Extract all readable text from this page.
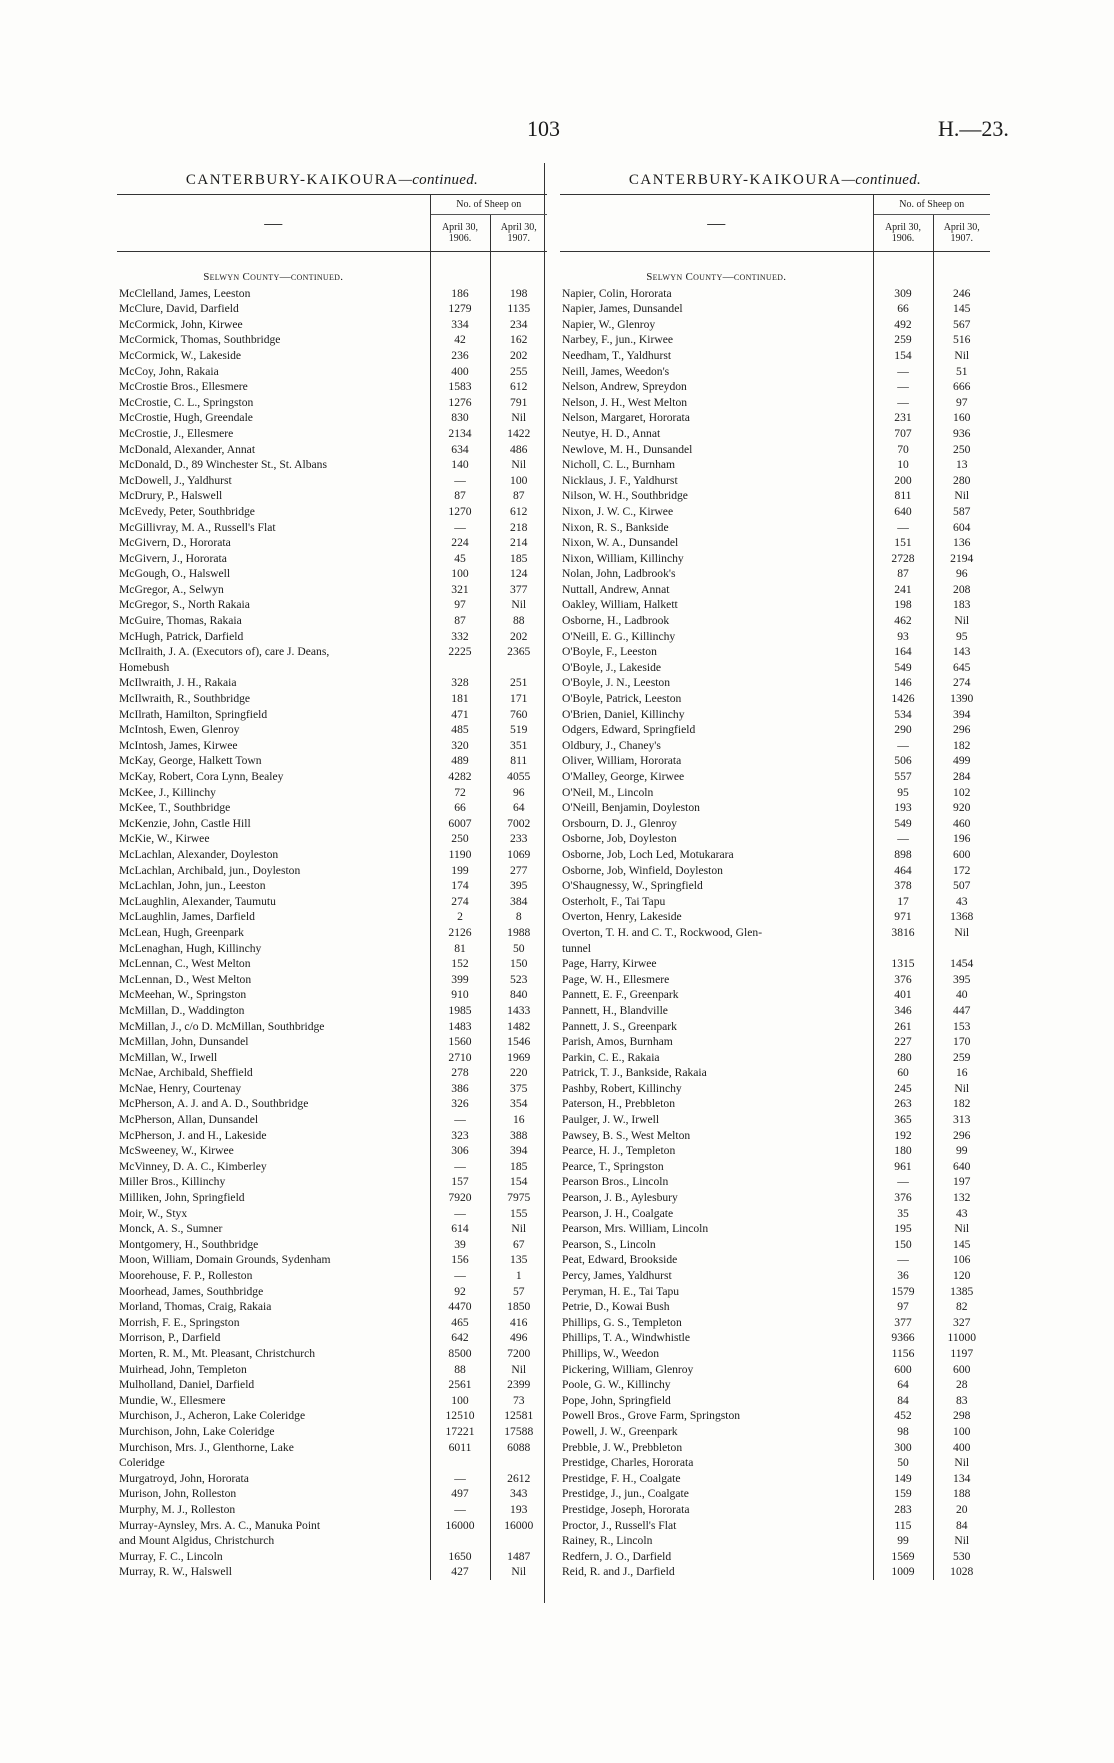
103	H.—23.
CANTERBURY-KAIKOURA—continued.
—	No. of Sheep on	
	April 30, 1906.	April 30, 1907.
Selwyn County—continued.		
McClelland, James, Leeston	186	198
McClure, David, Darfield	1279	1135
McCormick, John, Kirwee	334	234
McCormick, Thomas, Southbridge	42	162
McCormick, W., Lakeside	236	202
McCoy, John, Rakaia	400	255
McCrostie Bros., Ellesmere	1583	612
McCrostie, C. L., Springston	1276	791
McCrostie, Hugh, Greendale	830	Nil
McCrostie, J., Ellesmere	2134	1422
McDonald, Alexander, Annat	634	486
McDonald, D., 89 Winchester St., St. Albans	140	Nil
McDowell, J., Yaldhurst	—	100
McDrury, P., Halswell	87	87
McEvedy, Peter, Southbridge	1270	612
McGillivray, M. A., Russell's Flat	—	218
McGivern, D., Hororata	224	214
McGivern, J., Hororata	45	185
McGough, O., Halswell	100	124
McGregor, A., Selwyn	321	377
McGregor, S., North Rakaia	97	Nil
McGuire, Thomas, Rakaia	87	88
McHugh, Patrick, Darfield	332	202
McIlraith, J. A. (Executors of), care J. Deans,	2225	2365
Homebush		
McIlwraith, J. H., Rakaia	328	251
McIlwraith, R., Southbridge	181	171
McIlrath, Hamilton, Springfield	471	760
McIntosh, Ewen, Glenroy	485	519
McIntosh, James, Kirwee	320	351
McKay, George, Halkett Town	489	811
McKay, Robert, Cora Lynn, Bealey	4282	4055
McKee, J., Killinchy	72	96
McKee, T., Southbridge	66	64
McKenzie, John, Castle Hill	6007	7002
McKie, W., Kirwee	250	233
McLachlan, Alexander, Doyleston	1190	1069
McLachlan, Archibald, jun., Doyleston	199	277
McLachlan, John, jun., Leeston	174	395
McLaughlin, Alexander, Taumutu	274	384
McLaughlin, James, Darfield	2	8
McLean, Hugh, Greenpark	2126	1988
McLenaghan, Hugh, Killinchy	81	50
McLennan, C., West Melton	152	150
McLennan, D., West Melton	399	523
McMeehan, W., Springston	910	840
McMillan, D., Waddington	1985	1433
McMillan, J., c/o D. McMillan, Southbridge	1483	1482
McMillan, John, Dunsandel	1560	1546
McMillan, W., Irwell	2710	1969
McNae, Archibald, Sheffield	278	220
McNae, Henry, Courtenay	386	375
McPherson, A. J. and A. D., Southbridge	326	354
McPherson, Allan, Dunsandel	—	16
McPherson, J. and H., Lakeside	323	388
McSweeney, W., Kirwee	306	394
McVinney, D. A. C., Kimberley	—	185
Miller Bros., Killinchy	157	154
Milliken, John, Springfield	7920	7975
Moir, W., Styx	—	155
Monck, A. S., Sumner	614	Nil
Montgomery, H., Southbridge	39	67
Moon, William, Domain Grounds, Sydenham	156	135
Moorehouse, F. P., Rolleston	—	1
Moorhead, James, Southbridge	92	57
Morland, Thomas, Craig, Rakaia	4470	1850
Morrish, F. E., Springston	465	416
Morrison, P., Darfield	642	496
Morten, R. M., Mt. Pleasant, Christchurch	8500	7200
Muirhead, John, Templeton	88	Nil
Mulholland, Daniel, Darfield	2561	2399
Mundie, W., Ellesmere	100	73
Murchison, J., Acheron, Lake Coleridge	12510	12581
Murchison, John, Lake Coleridge	17221	17588
Murchison, Mrs. J., Glenthorne, Lake	6011	6088
Coleridge		
Murgatroyd, John, Hororata	—	2612
Murison, John, Rolleston	497	343
Murphy, M. J., Rolleston	—	193
Murray-Aynsley, Mrs. A. C., Manuka Point	16000	16000
and Mount Algidus, Christchurch		
Murray, F. C., Lincoln	1650	1487
Murray, R. W., Halswell	427	Nil
CANTERBURY-KAIKOURA—continued.
—	No. of Sheep on	
	April 30, 1906.	April 30, 1907.
Selwyn County—continued.		
Napier, Colin, Hororata	309	246
Napier, James, Dunsandel	66	145
Napier, W., Glenroy	492	567
Narbey, F., jun., Kirwee	259	516
Needham, T., Yaldhurst	154	Nil
Neill, James, Weedon's	—	51
Nelson, Andrew, Spreydon	—	666
Nelson, J. H., West Melton	—	97
Nelson, Margaret, Hororata	231	160
Neutye, H. D., Annat	707	936
Newlove, M. H., Dunsandel	70	250
Nicholl, C. L., Burnham	10	13
Nicklaus, J. F., Yaldhurst	200	280
Nilson, W. H., Southbridge	811	Nil
Nixon, J. W. C., Kirwee	640	587
Nixon, R. S., Bankside	—	604
Nixon, W. A., Dunsandel	151	136
Nixon, William, Killinchy	2728	2194
Nolan, John, Ladbrook's	87	96
Nuttall, Andrew, Annat	241	208
Oakley, William, Halkett	198	183
Osborne, H., Ladbrook	462	Nil
O'Neill, E. G., Killinchy	93	95
O'Boyle, F., Leeston	164	143
O'Boyle, J., Lakeside	549	645
O'Boyle, J. N., Leeston	146	274
O'Boyle, Patrick, Leeston	1426	1390
O'Brien, Daniel, Killinchy	534	394
Odgers, Edward, Springfield	290	296
Oldbury, J., Chaney's	—	182
Oliver, William, Hororata	506	499
O'Malley, George, Kirwee	557	284
O'Neil, M., Lincoln	95	102
O'Neill, Benjamin, Doyleston	193	920
Orsbourn, D. J., Glenroy	549	460
Osborne, Job, Doyleston	—	196
Osborne, Job, Loch Led, Motukarara	898	600
Osborne, Job, Winfield, Doyleston	464	172
O'Shaugnessy, W., Springfield	378	507
Osterholt, F., Tai Tapu	17	43
Overton, Henry, Lakeside	971	1368
Overton, T. H. and C. T., Rockwood, Glen-	3816	Nil
tunnel		
Page, Harry, Kirwee	1315	1454
Page, W. H., Ellesmere	376	395
Pannett, E. F., Greenpark	401	40
Pannett, H., Blandville	346	447
Pannett, J. S., Greenpark	261	153
Parish, Amos, Burnham	227	170
Parkin, C. E., Rakaia	280	259
Patrick, T. J., Bankside, Rakaia	60	16
Pashby, Robert, Killinchy	245	Nil
Paterson, H., Prebbleton	263	182
Paulger, J. W., Irwell	365	313
Pawsey, B. S., West Melton	192	296
Pearce, H. J., Templeton	180	99
Pearce, T., Springston	961	640
Pearson Bros., Lincoln	—	197
Pearson, J. B., Aylesbury	376	132
Pearson, J. H., Coalgate	35	43
Pearson, Mrs. William, Lincoln	195	Nil
Pearson, S., Lincoln	150	145
Peat, Edward, Brookside	—	106
Percy, James, Yaldhurst	36	120
Peryman, H. E., Tai Tapu	1579	1385
Petrie, D., Kowai Bush	97	82
Phillips, G. S., Templeton	377	327
Phillips, T. A., Windwhistle	9366	11000
Phillips, W., Weedon	1156	1197
Pickering, William, Glenroy	600	600
Poole, G. W., Killinchy	64	28
Pope, John, Springfield	84	83
Powell Bros., Grove Farm, Springston	452	298
Powell, J. W., Greenpark	98	100
Prebble, J. W., Prebbleton	300	400
Prestidge, Charles, Hororata	50	Nil
Prestidge, F. H., Coalgate	149	134
Prestidge, J., jun., Coalgate	159	188
Prestidge, Joseph, Hororata	283	20
Proctor, J., Russell's Flat	115	84
Rainey, R., Lincoln	99	Nil
Redfern, J. O., Darfield	1569	530
Reid, R. and J., Darfield	1009	1028
